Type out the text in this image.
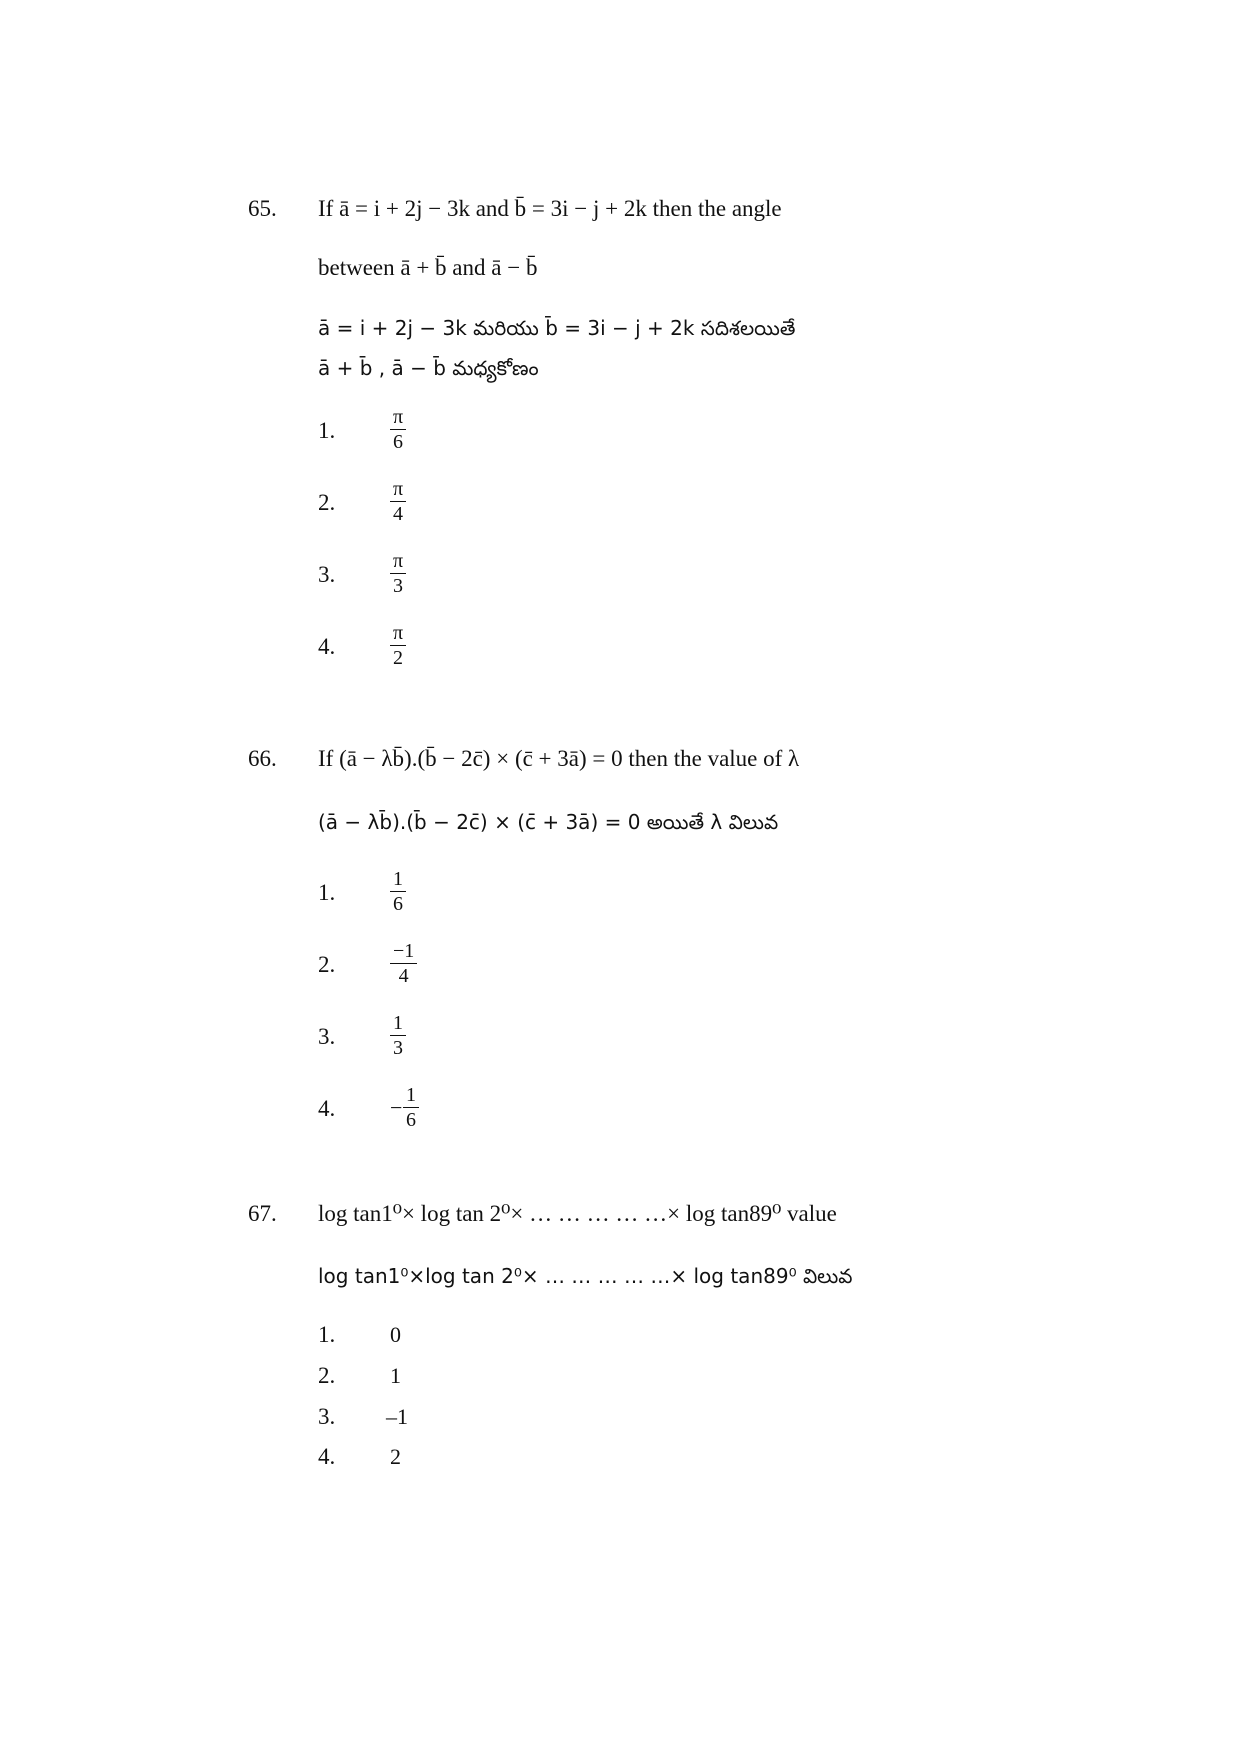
65. If ā = i + 2j − 3k and b̄ = 3i − j + 2k then the angle
between ā + b̄ and ā − b̄
ā = i + 2j − 3k మరియు b̄ = 3i − j + 2k సదిశలయితే
ā + b̄ , ā − b̄ మధ్యకోణం
1.	$\frac{\pi}{6}$
2.	$\frac{\pi}{4}$
3.	$\frac{\pi}{3}$
4.	$\frac{\pi}{2}$
66. If (ā − λb̄).(b̄ − 2c̄) × (c̄ + 3ā) = 0 then the value of λ
(ā − λb̄).(b̄ − 2c̄) × (c̄ + 3ā) = 0 అయితే λ విలువ
1.	$\frac{1}{6}$
2.	$\frac{-1}{4}$
3.	$\frac{1}{3}$
4. − $\frac{1}{6}$
67. log tan1⁰× log tan 2⁰× … … … … …× log tan89⁰ value
log tan1⁰×log tan 2⁰× … … … … …× log tan89⁰ విలువ
1. 0
2. 1
3. –1
4. 2
